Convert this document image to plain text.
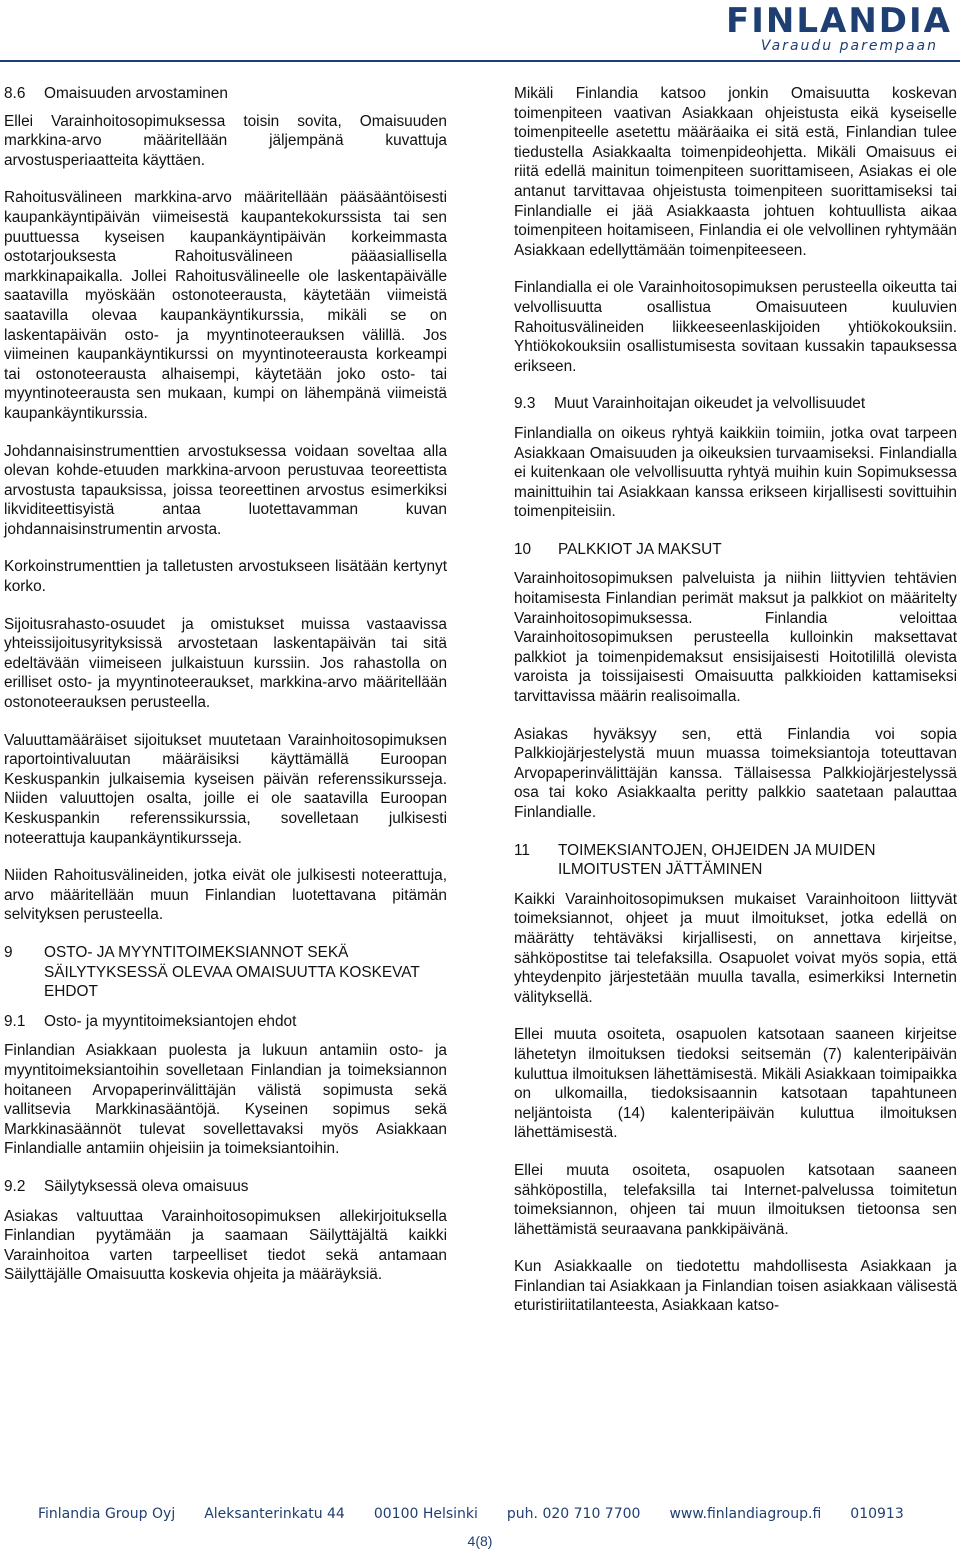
FINLANDIA
Varaudu parempaan
8.6 Omaisuuden arvostaminen

Ellei Varainhoitosopimuksessa toisin sovita, Omaisuuden markkina-arvo määritellään jäljempänä kuvattuja arvostusperiaatteita käyttäen.

Rahoitusvälineen markkina-arvo määritellään pääsääntöisesti kaupankäyntipäivän viimeisestä kaupantekokurssista tai sen puuttuessa kyseisen kaupankäyntipäivän korkeimmasta ostotarjouksesta Rahoitusvälineen pääasiallisella markkinapaikalla. Jollei Rahoitusvälineelle ole laskentapäivälle saatavilla myöskään ostonoteerausta, käytetään viimeistä saatavilla olevaa kaupankäyntikurssia, mikäli se on laskentapäivän osto- ja myyntinoteerauksen välillä. Jos viimeinen kaupankäyntikurssi on myyntinoteerausta korkeampi tai ostonoteerausta alhaisempi, käytetään joko osto- tai myyntinoteerausta sen mukaan, kumpi on lähempänä viimeistä kaupankäyntikurssia.

Johdannaisinstrumenttien arvostuksessa voidaan soveltaa alla olevan kohde-etuuden markkina-arvoon perustuvaa teoreettista arvostusta tapauksissa, joissa teoreettinen arvostus esimerkiksi likviditeettisyistä antaa luotettavamman kuvan johdannaisinstrumentin arvosta.

Korkoinstrumenttien ja talletusten arvostukseen lisätään kertynyt korko.

Sijoitusrahasto-osuudet ja omistukset muissa vastaavissa yhteissijoitusyrityksissä arvostetaan laskentapäivän tai sitä edeltävään viimeiseen julkaistuun kurssiin. Jos rahastolla on erilliset osto- ja myyntinoteeraukset, markkina-arvo määritellään ostonoteerauksen perusteella.

Valuuttamääräiset sijoitukset muutetaan Varainhoitosopimuksen raportointivaluutan määräisiksi käyttämällä Euroopan Keskuspankin julkaisemia kyseisen päivän referenssikursseja. Niiden valuuttojen osalta, joille ei ole saatavilla Euroopan Keskuspankin referenssikurssia, sovelletaan julkisesti noteerattuja kaupankäyntikursseja.

Niiden Rahoitusvälineiden, jotka eivät ole julkisesti noteerattuja, arvo määritellään muun Finlandian luotettavana pitämän selvityksen perusteella.

9 OSTO- JA MYYNTITOIMEKSIANNOT SEKÄ SÄILYTYKSESSÄ OLEVAA OMAISUUTTA KOSKEVAT EHDOT
9.1 Osto- ja myyntitoimeksiantojen ehdot

Finlandian Asiakkaan puolesta ja lukuun antamiin osto- ja myyntitoimeksiantoihin sovelletaan Finlandian ja toimeksiannon hoitaneen Arvopaperinvälittäjän välistä sopimusta sekä vallitsevia Markkinasääntöjä. Kyseinen sopimus sekä Markkinasäännöt tulevat sovellettavaksi myös Asiakkaan Finlandialle antamiin ohjeisiin ja toimeksiantoihin.

9.2 Säilytyksessä oleva omaisuus

Asiakas valtuuttaa Varainhoitosopimuksen allekirjoituksella Finlandian pyytämään ja saamaan Säilyttäjältä kaikki Varainhoitoa varten tarpeelliset tiedot sekä antamaan Säilyttäjälle Omaisuutta koskevia ohjeita ja määräyksiä.

Mikäli Finlandia katsoo jonkin Omaisuutta koskevan toimenpiteen vaativan Asiakkaan ohjeistusta eikä kyseiselle toimenpiteelle asetettu määräaika ei sitä estä, Finlandian tulee tiedustella Asiakkaalta toimenpideohjetta. Mikäli Omaisuus ei riitä edellä mainitun toimenpiteen suorittamiseen, Asiakas ei ole antanut tarvittavaa ohjeistusta toimenpiteen suorittamiseksi tai Finlandialle ei jää Asiakkaasta johtuen kohtuullista aikaa toimenpiteen hoitamiseen, Finlandia ei ole velvollinen ryhtymään Asiakkaan edellyttämään toimenpiteeseen.

Finlandialla ei ole Varainhoitosopimuksen perusteella oikeutta tai velvollisuutta osallistua Omaisuuteen kuuluvien Rahoitusvälineiden liikkeeseenlaskijoiden yhtiökokouksiin. Yhtiökokouksiin osallistumisesta sovitaan kussakin tapauksessa erikseen.

9.3 Muut Varainhoitajan oikeudet ja velvollisuudet

Finlandialla on oikeus ryhtyä kaikkiin toimiin, jotka ovat tarpeen Asiakkaan Omaisuuden ja oikeuksien turvaamiseksi. Finlandialla ei kuitenkaan ole velvollisuutta ryhtyä muihin kuin Sopimuksessa mainittuihin tai Asiakkaan kanssa erikseen kirjallisesti sovittuihin toimenpiteisiin.

10 PALKKIOT JA MAKSUT

Varainhoitosopimuksen palveluista ja niihin liittyvien tehtävien hoitamisesta Finlandian perimät maksut ja palkkiot on määritelty Varainhoitosopimuksessa. Finlandia veloittaa Varainhoitosopimuksen perusteella kulloinkin maksettavat palkkiot ja toimenpidemaksut ensisijaisesti Hoitotilillä olevista varoista ja toissijaisesti Omaisuutta palkkioiden kattamiseksi tarvittavissa määrin realisoimalla.

Asiakas hyväksyy sen, että Finlandia voi sopia Palkkiojärjestelystä muun muassa toimeksiantoja toteuttavan Arvopaperinvälittäjän kanssa. Tällaisessa Palkkiojärjestelyssä osa tai koko Asiakkaalta peritty palkkio saatetaan palauttaa Finlandialle.

11 TOIMEKSIANTOJEN, OHJEIDEN JA MUIDEN ILMOITUSTEN JÄTTÄMINEN

Kaikki Varainhoitosopimuksen mukaiset Varainhoitoon liittyvät toimeksiannot, ohjeet ja muut ilmoitukset, jotka edellä on määrätty tehtäväksi kirjallisesti, on annettava kirjeitse, sähköpostitse tai telefaksilla. Osapuolet voivat myös sopia, että yhteydenpito järjestetään muulla tavalla, esimerkiksi Internetin välityksellä.

Ellei muuta osoiteta, osapuolen katsotaan saaneen kirjeitse lähetetyn ilmoituksen tiedoksi seitsemän (7) kalenteripäivän kuluttua ilmoituksen lähettämisestä. Mikäli Asiakkaan toimipaikka on ulkomailla, tiedoksisaannin katsotaan tapahtuneen neljäntoista (14) kalenteripäivän kuluttua ilmoituksen lähettämisestä.

Ellei muuta osoiteta, osapuolen katsotaan saaneen sähköpostilla, telefaksilla tai Internet-palvelussa toimitetun toimeksiannon, ohjeen tai muun ilmoituksen tietoonsa sen lähettämistä seuraavana pankkipäivänä.

Kun Asiakkaalle on tiedotettu mahdollisesta Asiakkaan ja Finlandian tai Asiakkaan ja Finlandian toisen asiakkaan välisestä eturistiriitatilanteesta, Asiakkaan katso-

Finlandia Group Oyj Aleksanterinkatu 44 00100 Helsinki puh. 020 710 7700 www.finlandiagroup.fi 010913
4(8)
